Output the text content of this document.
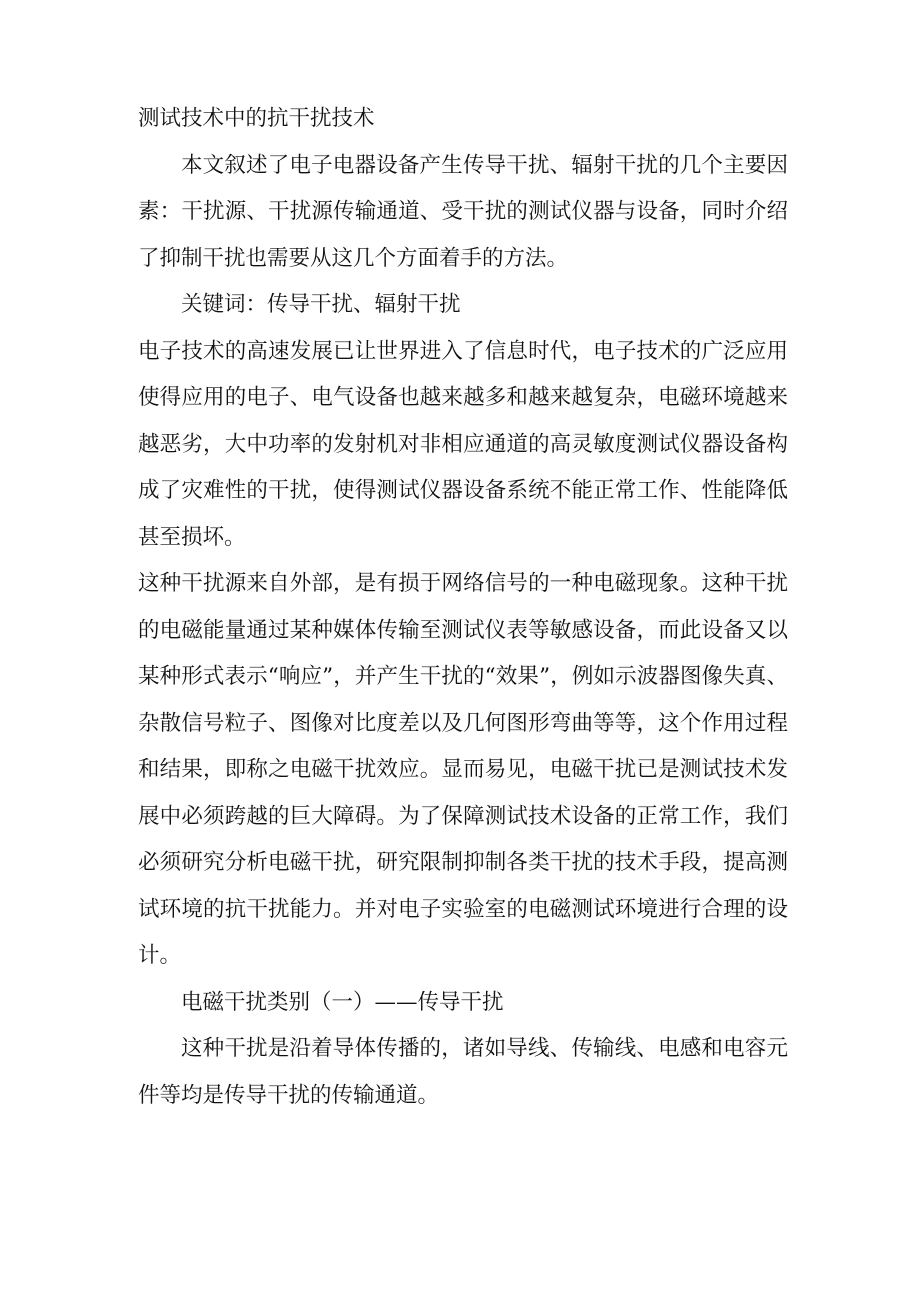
测试技术中的抗干扰技术

本文叙述了电子电器设备产生传导干扰、辐射干扰的几个主要因素：干扰源、干扰源传输通道、受干扰的测试仪器与设备，同时介绍了抑制干扰也需要从这几个方面着手的方法。

关键词：传导干扰、辐射干扰

电子技术的高速发展已让世界进入了信息时代，电子技术的广泛应用使得应用的电子、电气设备也越来越多和越来越复杂，电磁环境越来越恶劣，大中功率的发射机对非相应通道的高灵敏度测试仪器设备构成了灾难性的干扰，使得测试仪器设备系统不能正常工作、性能降低甚至损坏。

这种干扰源来自外部，是有损于网络信号的一种电磁现象。这种干扰的电磁能量通过某种媒体传输至测试仪表等敏感设备，而此设备又以某种形式表示“响应”，并产生干扰的“效果”，例如示波器图像失真、杂散信号粒子、图像对比度差以及几何图形弯曲等等，这个作用过程和结果，即称之电磁干扰效应。显而易见，电磁干扰已是测试技术发展中必须跨越的巨大障碍。为了保障测试技术设备的正常工作，我们必须研究分析电磁干扰，研究限制抑制各类干扰的技术手段，提高测试环境的抗干扰能力。并对电子实验室的电磁测试环境进行合理的设计。

电磁干扰类别（一）——传导干扰

这种干扰是沿着导体传播的，诸如导线、传输线、电感和电容元件等均是传导干扰的传输通道。
